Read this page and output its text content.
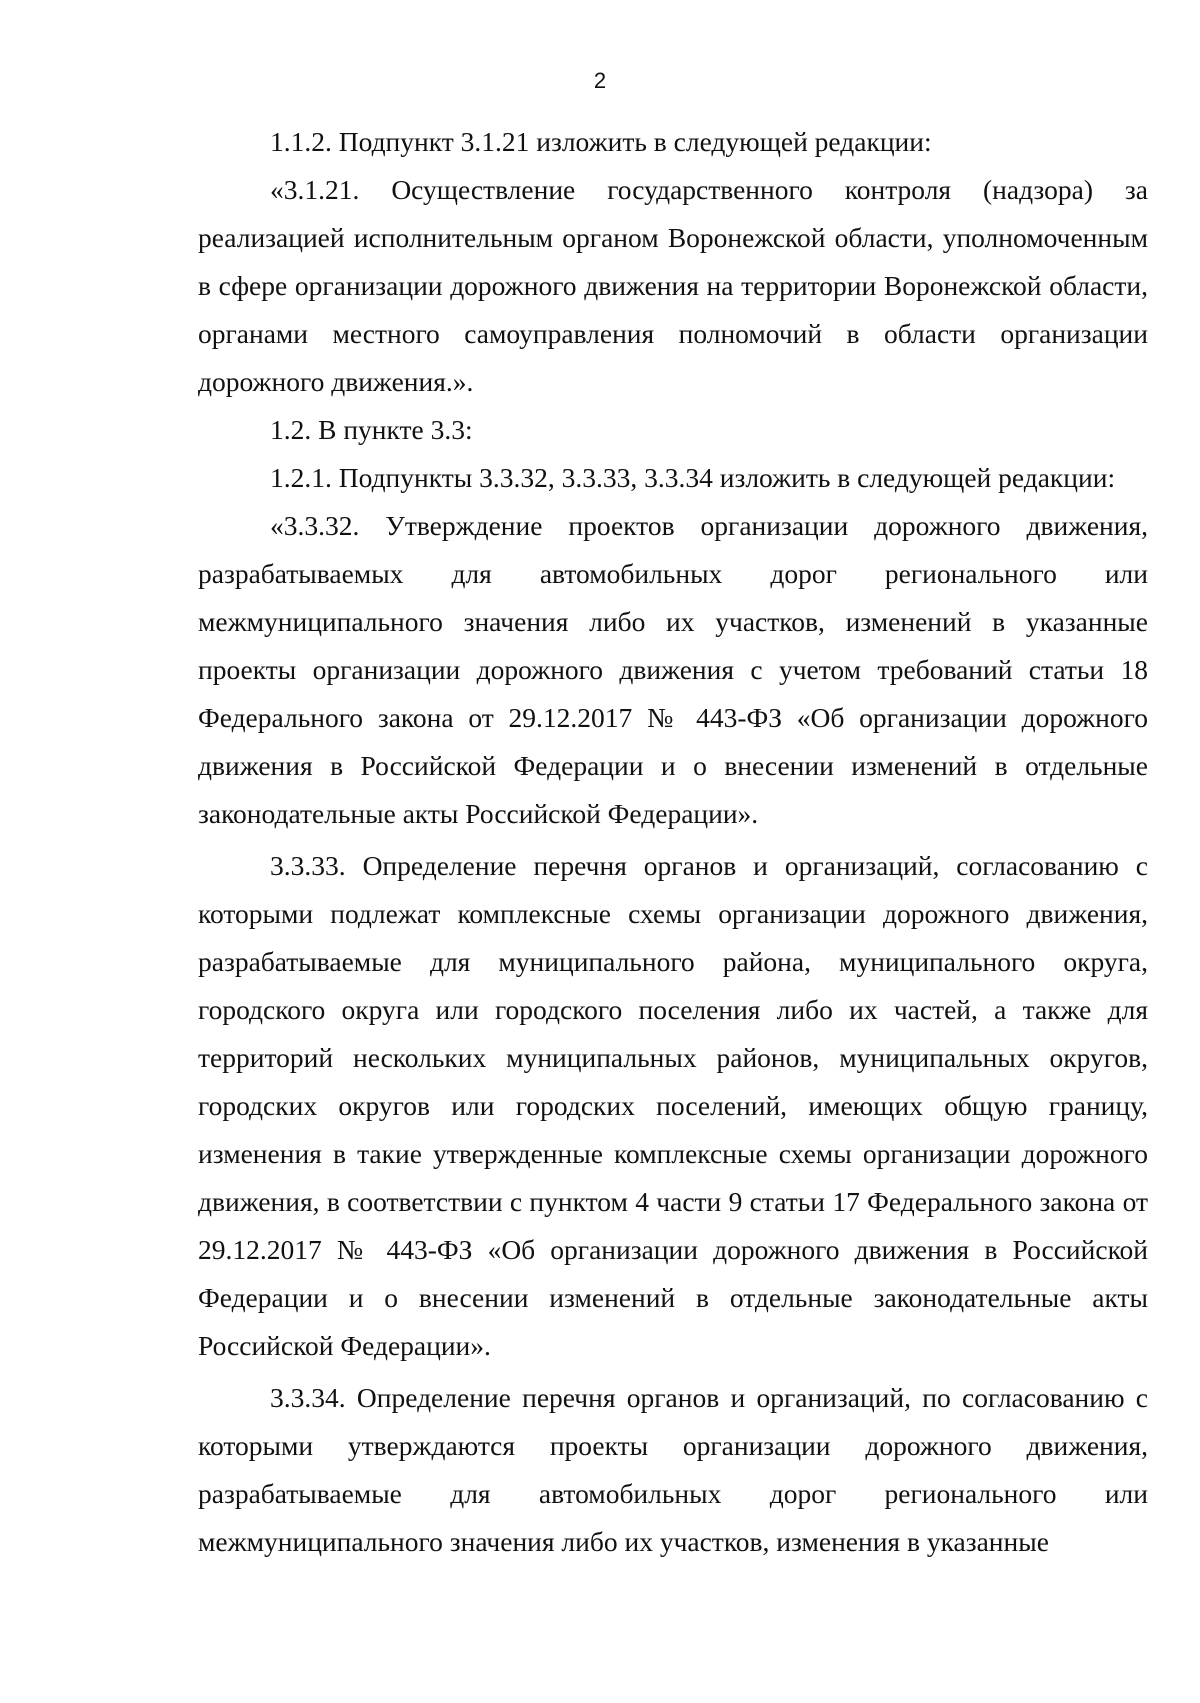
2

1.1.2. Подпункт 3.1.21 изложить в следующей редакции:

«3.1.21. Осуществление государственного контроля (надзора) за реализацией исполнительным органом Воронежской области, уполномоченным в сфере организации дорожного движения на территории Воронежской области, органами местного самоуправления полномочий в области организации дорожного движения.».

1.2. В пункте 3.3:

1.2.1. Подпункты 3.3.32, 3.3.33, 3.3.34 изложить в следующей редакции:

«3.3.32. Утверждение проектов организации дорожного движения, разрабатываемых для автомобильных дорог регионального или межмуниципального значения либо их участков, изменений в указанные проекты организации дорожного движения с учетом требований статьи 18 Федерального закона от 29.12.2017 № 443-ФЗ «Об организации дорожного движения в Российской Федерации и о внесении изменений в отдельные законодательные акты Российской Федерации».

3.3.33. Определение перечня органов и организаций, согласованию с которыми подлежат комплексные схемы организации дорожного движения, разрабатываемые для муниципального района, муниципального округа, городского округа или городского поселения либо их частей, а также для территорий нескольких муниципальных районов, муниципальных округов, городских округов или городских поселений, имеющих общую границу, изменения в такие утвержденные комплексные схемы организации дорожного движения, в соответствии с пунктом 4 части 9 статьи 17 Федерального закона от 29.12.2017 № 443-ФЗ «Об организации дорожного движения в Российской Федерации и о внесении изменений в отдельные законодательные акты Российской Федерации».

3.3.34. Определение перечня органов и организаций, по согласованию с которыми утверждаются проекты организации дорожного движения, разрабатываемые для автомобильных дорог регионального или межмуниципального значения либо их участков, изменения в указанные
